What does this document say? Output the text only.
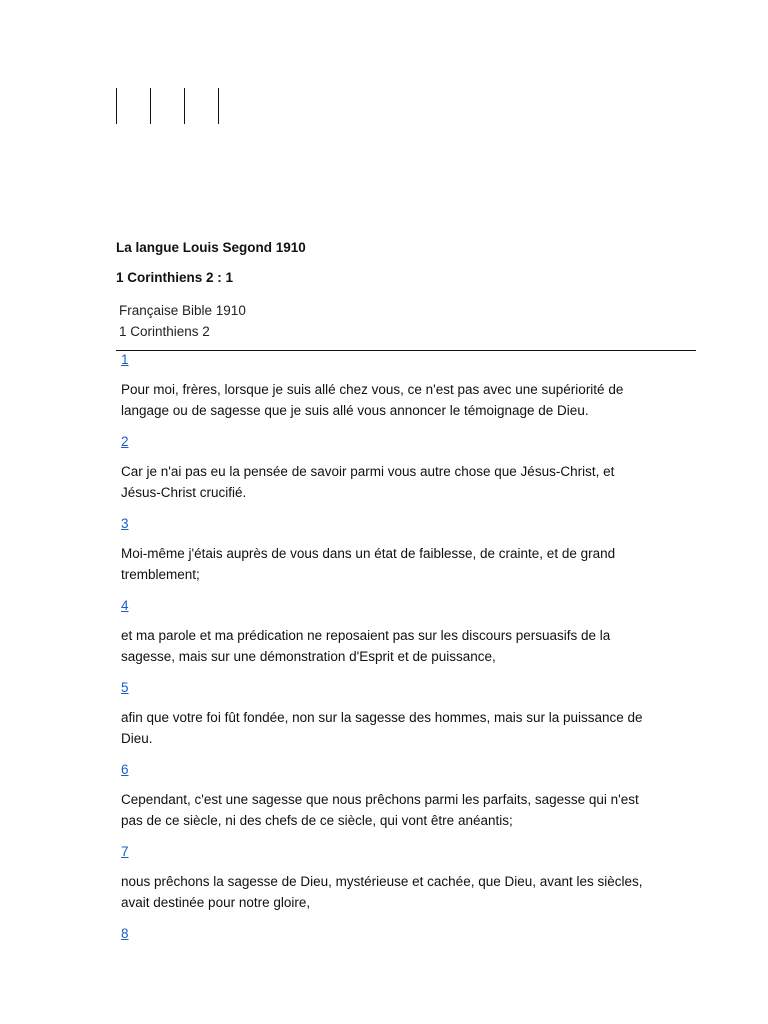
La langue Louis Segond 1910
1 Corinthiens 2 : 1
Française Bible 1910
1 Corinthiens 2
1
Pour moi, frères, lorsque je suis allé chez vous, ce n'est pas avec une supériorité de langage ou de sagesse que je suis allé vous annoncer le témoignage de Dieu.
2
Car je n'ai pas eu la pensée de savoir parmi vous autre chose que Jésus-Christ, et Jésus-Christ crucifié.
3
Moi-même j'étais auprès de vous dans un état de faiblesse, de crainte, et de grand tremblement;
4
et ma parole et ma prédication ne reposaient pas sur les discours persuasifs de la sagesse, mais sur une démonstration d'Esprit et de puissance,
5
afin que votre foi fût fondée, non sur la sagesse des hommes, mais sur la puissance de Dieu.
6
Cependant, c'est une sagesse que nous prêchons parmi les parfaits, sagesse qui n'est pas de ce siècle, ni des chefs de ce siècle, qui vont être anéantis;
7
nous prêchons la sagesse de Dieu, mystérieuse et cachée, que Dieu, avant les siècles, avait destinée pour notre gloire,
8
